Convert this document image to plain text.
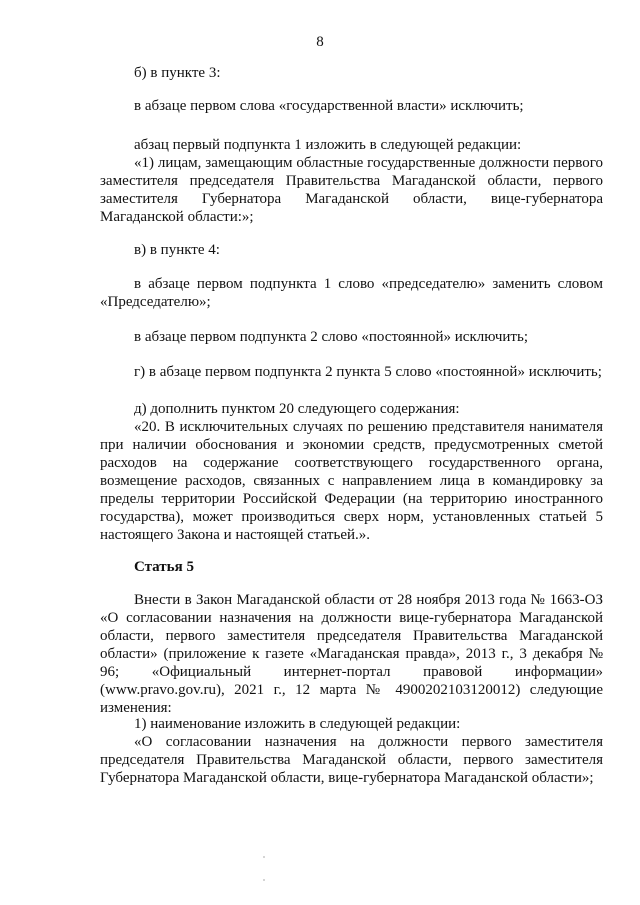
8
б) в пункте 3:
в абзаце первом слова «государственной власти» исключить;
абзац первый подпункта 1 изложить в следующей редакции:
«1) лицам, замещающим областные государственные должности первого заместителя председателя Правительства Магаданской области, первого заместителя Губернатора Магаданской области, вице-губернатора Магаданской области:»;
в) в пункте 4:
в абзаце первом подпункта 1 слово «председателю» заменить словом «Председателю»;
в абзаце первом подпункта 2 слово «постоянной» исключить;
г) в абзаце первом подпункта 2 пункта 5 слово «постоянной» исключить;
д) дополнить пунктом 20 следующего содержания:
«20. В исключительных случаях по решению представителя нанимателя при наличии обоснования и экономии средств, предусмотренных сметой расходов на содержание соответствующего государственного органа, возмещение расходов, связанных с направлением лица в командировку за пределы территории Российской Федерации (на территорию иностранного государства), может производиться сверх норм, установленных статьей 5 настоящего Закона и настоящей статьей.».
Статья 5
Внести в Закон Магаданской области от 28 ноября 2013 года № 1663-ОЗ «О согласовании назначения на должности вице-губернатора Магаданской области, первого заместителя председателя Правительства Магаданской области» (приложение к газете «Магаданская правда», 2013 г., 3 декабря № 96; «Официальный интернет-портал правовой информации» (www.pravo.gov.ru), 2021 г., 12 марта № 4900202103120012) следующие изменения:
1) наименование изложить в следующей редакции:
«О согласовании назначения на должности первого заместителя председателя Правительства Магаданской области, первого заместителя Губернатора Магаданской области, вице-губернатора Магаданской области»;
